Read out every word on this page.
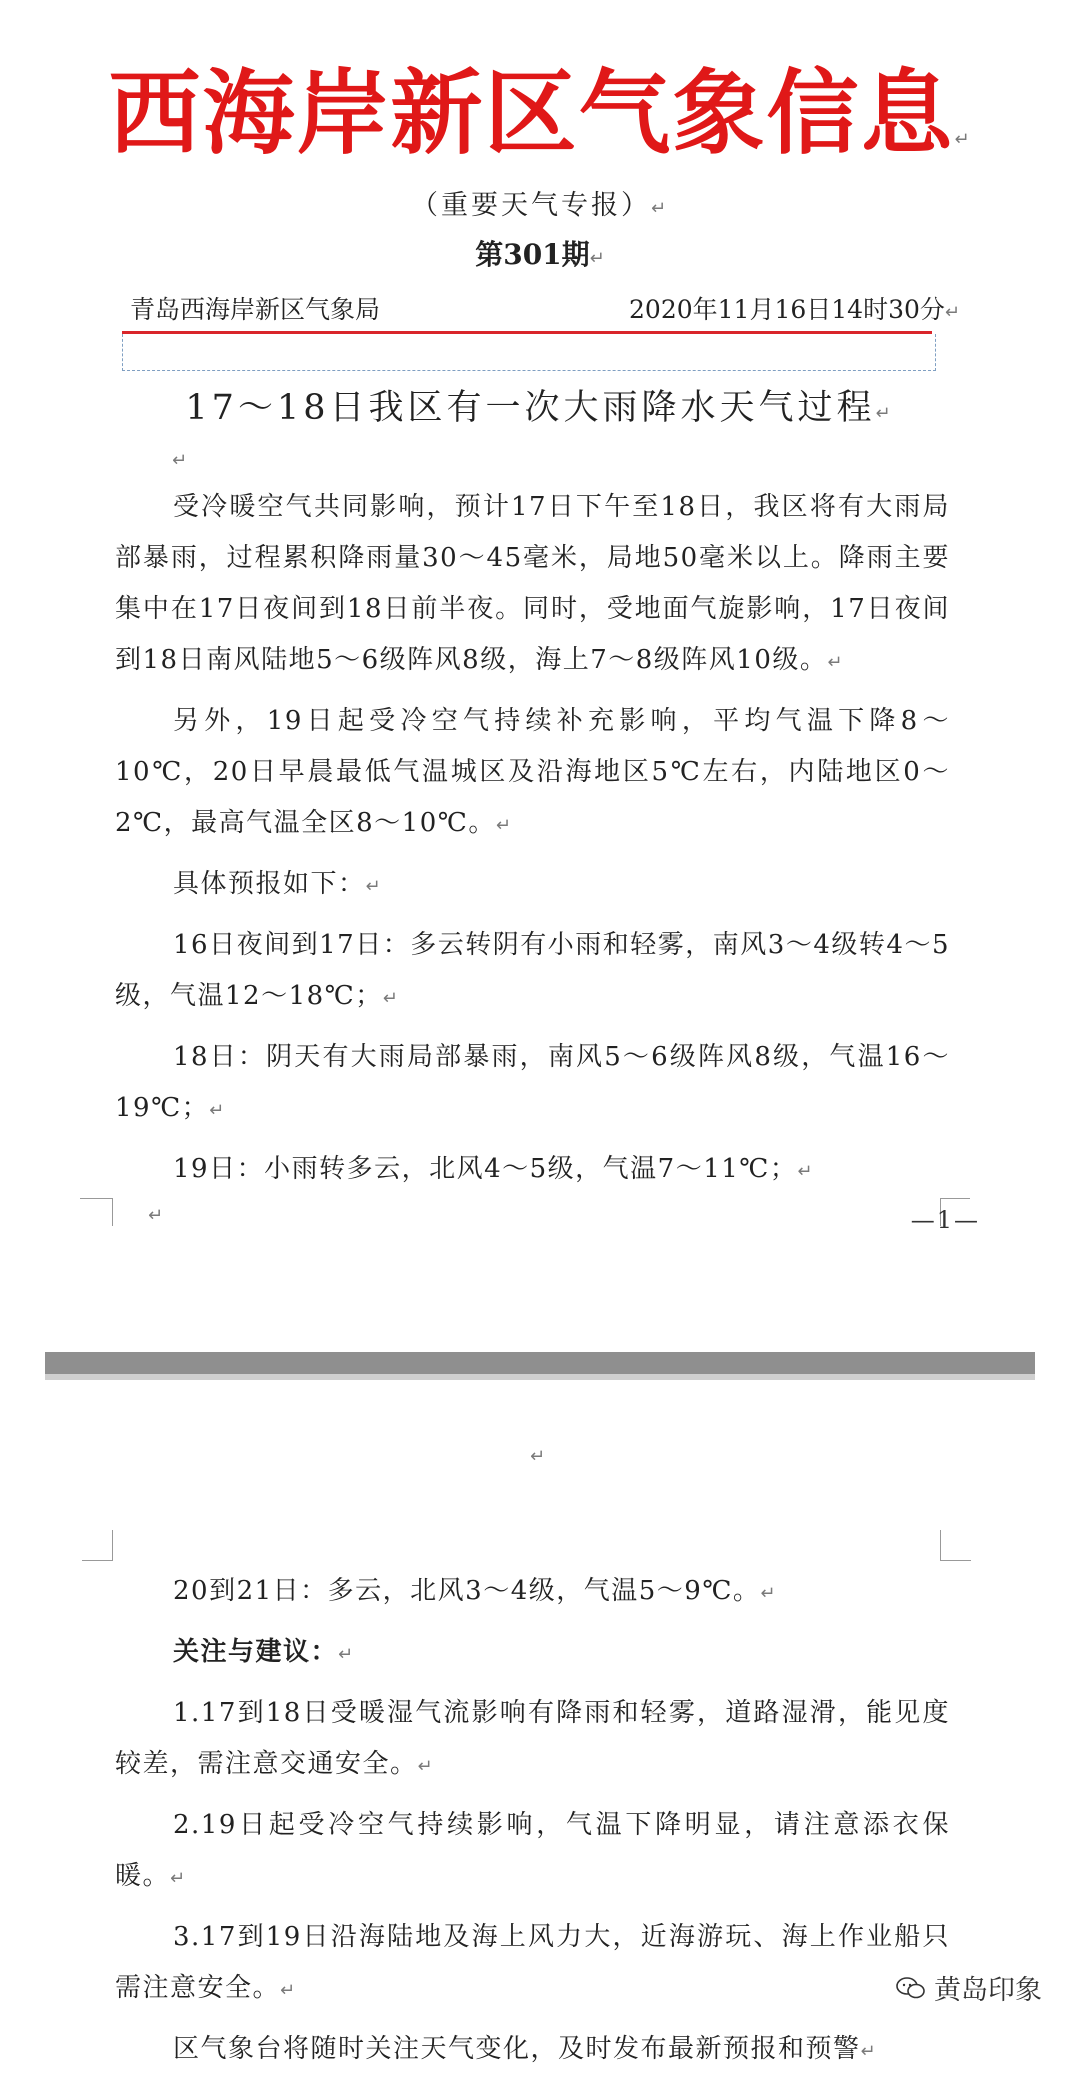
西海岸新区气象信息↵
（重要天气专报）↵
第301期↵
青岛西海岸新区气象局	2020年11月16日14时30分↵
17～18日我区有一次大雨降水天气过程↵
↵

受冷暖空气共同影响，预计17日下午至18日，我区将有大雨局部暴雨，过程累积降雨量30～45毫米，局地50毫米以上。降雨主要集中在17日夜间到18日前半夜。同时，受地面气旋影响，17日夜间到18日南风陆地5～6级阵风8级，海上7～8级阵风10级。↵

另外，19日起受冷空气持续补充影响，平均气温下降8～10℃，20日早晨最低气温城区及沿海地区5℃左右，内陆地区0～2℃，最高气温全区8～10℃。↵

具体预报如下：↵

16日夜间到17日：多云转阴有小雨和轻雾，南风3～4级转4～5级，气温12～18℃；↵

18日：阴天有大雨局部暴雨，南风5～6级阵风8级，气温16～19℃；↵

19日：小雨转多云，北风4～5级，气温7～11℃；↵

↵	—1—
↵

20到21日：多云，北风3～4级，气温5～9℃。↵

关注与建议：↵

1.17到18日受暖湿气流影响有降雨和轻雾，道路湿滑，能见度较差，需注意交通安全。↵

2.19日起受冷空气持续影响，气温下降明显，请注意添衣保暖。↵

3.17到19日沿海陆地及海上风力大，近海游玩、海上作业船只需注意安全。↵

区气象台将随时关注天气变化，及时发布最新预报和预警↵

黄岛印象
